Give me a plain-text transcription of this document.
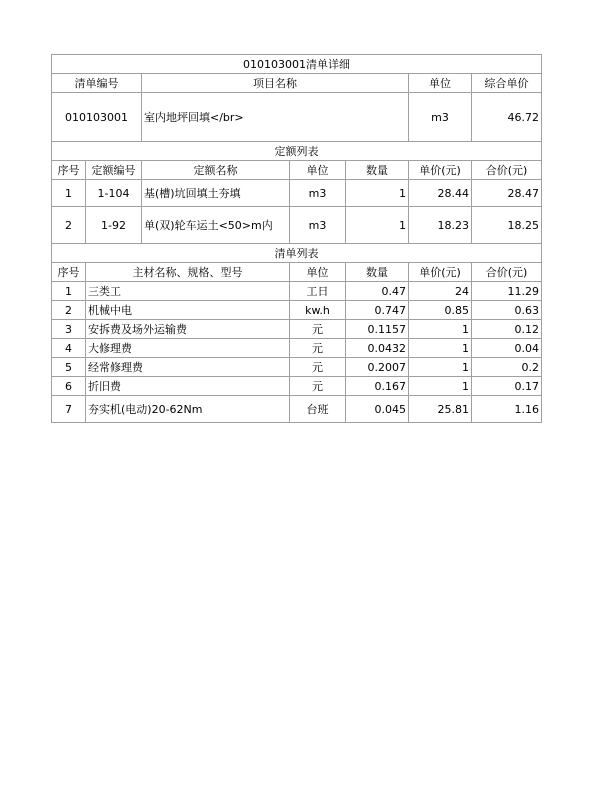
010103001清单详细						
清单编号		项目名称			单位	综合单价
010103001		室内地坪回填</br>			m3	46.72
定额列表						
序号	定额编号	定额名称	单位	数量	单价(元)	合价(元)
1	1-104	基(槽)坑回填土夯填	m3	1	28.44	28.47
2	1-92	单(双)轮车运土<50>m内	m3	1	18.23	18.25
清单列表						
序号	主材名称、规格、型号		单位	数量	单价(元)	合价(元)
1	三类工		工日	0.47	24	11.29
2	机械中电		kw.h	0.747	0.85	0.63
3	安拆费及场外运输费		元	0.1157	1	0.12
4	大修理费		元	0.0432	1	0.04
5	经常修理费		元	0.2007	1	0.2
6	折旧费		元	0.167	1	0.17
7	夯实机(电动)20-62Nm		台班	0.045	25.81	1.16
